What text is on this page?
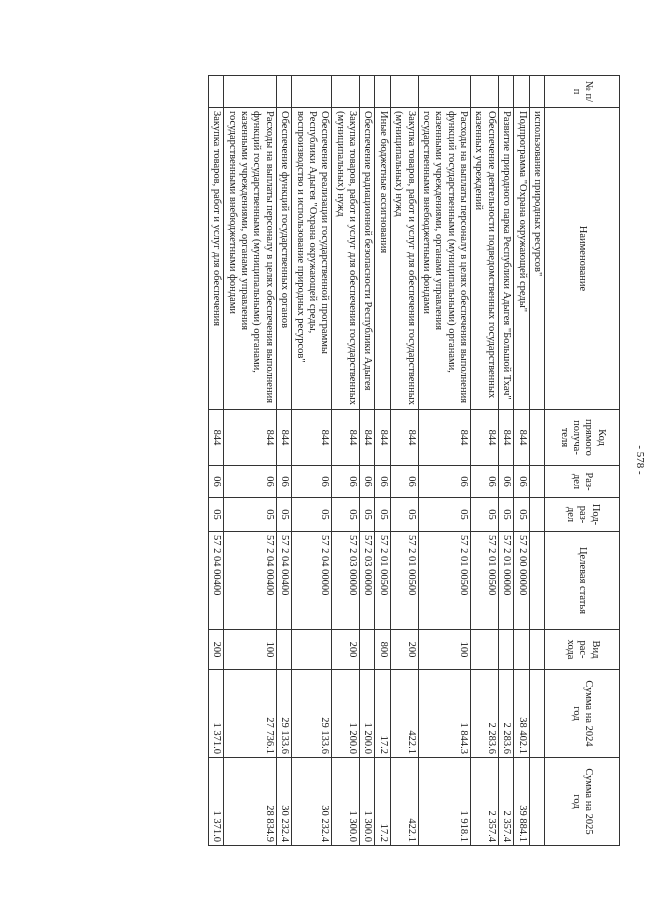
- 578 -
№ п/п	Наименование	Код прямого получа-теля	Раз-дел	Под-раз-дел	Целевая статья	Вид рас-хода	Сумма на 2024 год	Сумма на 2025 год
	использование природных ресурсов"							
	Подпрограмма "Охрана окружающей среды"	844	06	05	57 2 00 00000		38 402.1	39 884.1
	Развитие природного парка Республики Адыгея "Большой Тхач"	844	06	05	57 2 01 00000		2 283.6	2 357.4
	Обеспечение деятельности подведомственных государственных казенных учреждений	844	06	05	57 2 01 00500		2 283.6	2 357.4
	Расходы на выплаты персоналу в целях обеспечения выполнения функций государственными (муниципальными) органами, казенными учреждениями, органами управления государственными внебюджетными фондами	844	06	05	57 2 01 00500	100	1 844.3	1 918.1
	Закупка товаров, работ и услуг для обеспечения государственных (муниципальных) нужд	844	06	05	57 2 01 00500	200	422.1	422.1
	Иные бюджетные ассигнования	844	06	05	57 2 01 00500	800	17.2	17.2
	Обеспечение радиационной безопасности Республики Адыгея	844	06	05	57 2 03 00000		1 200.0	1 300.0
	Закупка товаров, работ и услуг для обеспечения государственных (муниципальных) нужд	844	06	05	57 2 03 00000	200	1 200.0	1 300.0
	Обеспечение реализации государственной программы Республики Адыгея "Охрана окружающей среды, воспроизводство и использование природных ресурсов"	844	06	05	57 2 04 00000		29 133.6	30 232.4
	Обеспечение функций государственных органов	844	06	05	57 2 04 00400		29 133.6	30 232.4
	Расходы на выплаты персоналу в целях обеспечения выполнения функций государственными (муниципальными) органами, казенными учреждениями, органами управления государственными внебюджетными фондами	844	06	05	57 2 04 00400	100	27 736.1	28 834.9
	Закупка товаров, работ и услуг для обеспечения	844	06	05	57 2 04 00400	200	1 371.0	1 371.0
